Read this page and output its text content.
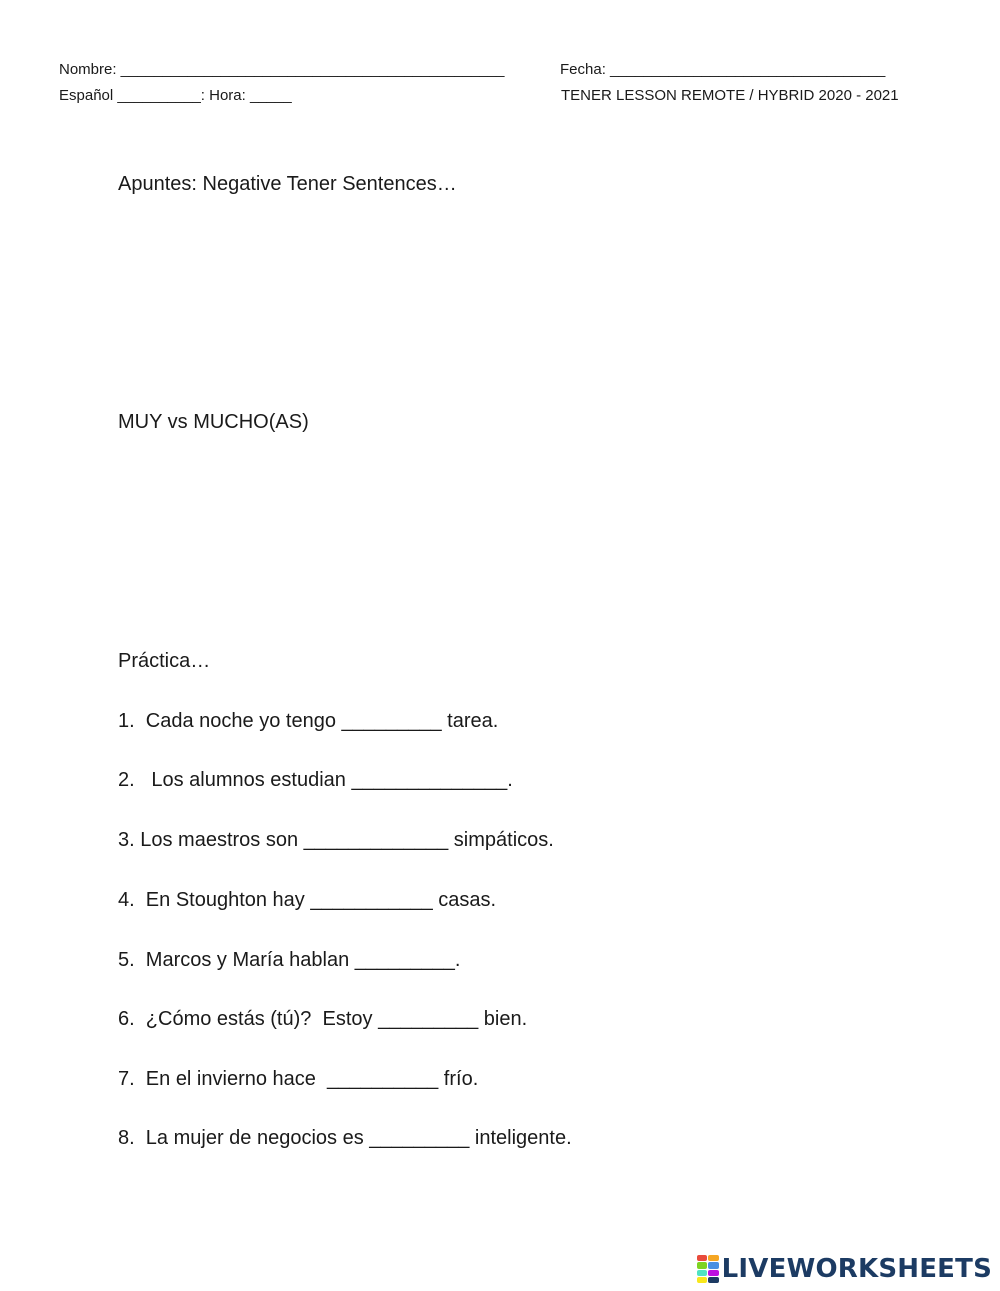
Nombre: ______________________________________________	Fecha: _________________________________
Español __________: Hora: _____	TENER LESSON REMOTE / HYBRID 2020 - 2021
Apuntes: Negative Tener Sentences…
MUY vs MUCHO(AS)
Práctica…
1.  Cada noche yo tengo _________ tarea.
2.   Los alumnos estudian ______________.
3. Los maestros son _____________ simpáticos.
4.  En Stoughton hay ___________ casas.
5.  Marcos y María hablan _________.
6.  ¿Cómo estás (tú)?  Estoy _________ bien.
7.  En el invierno hace  __________ frío.
8.  La mujer de negocios es _________ inteligente.
LIVEWORKSHEETS
